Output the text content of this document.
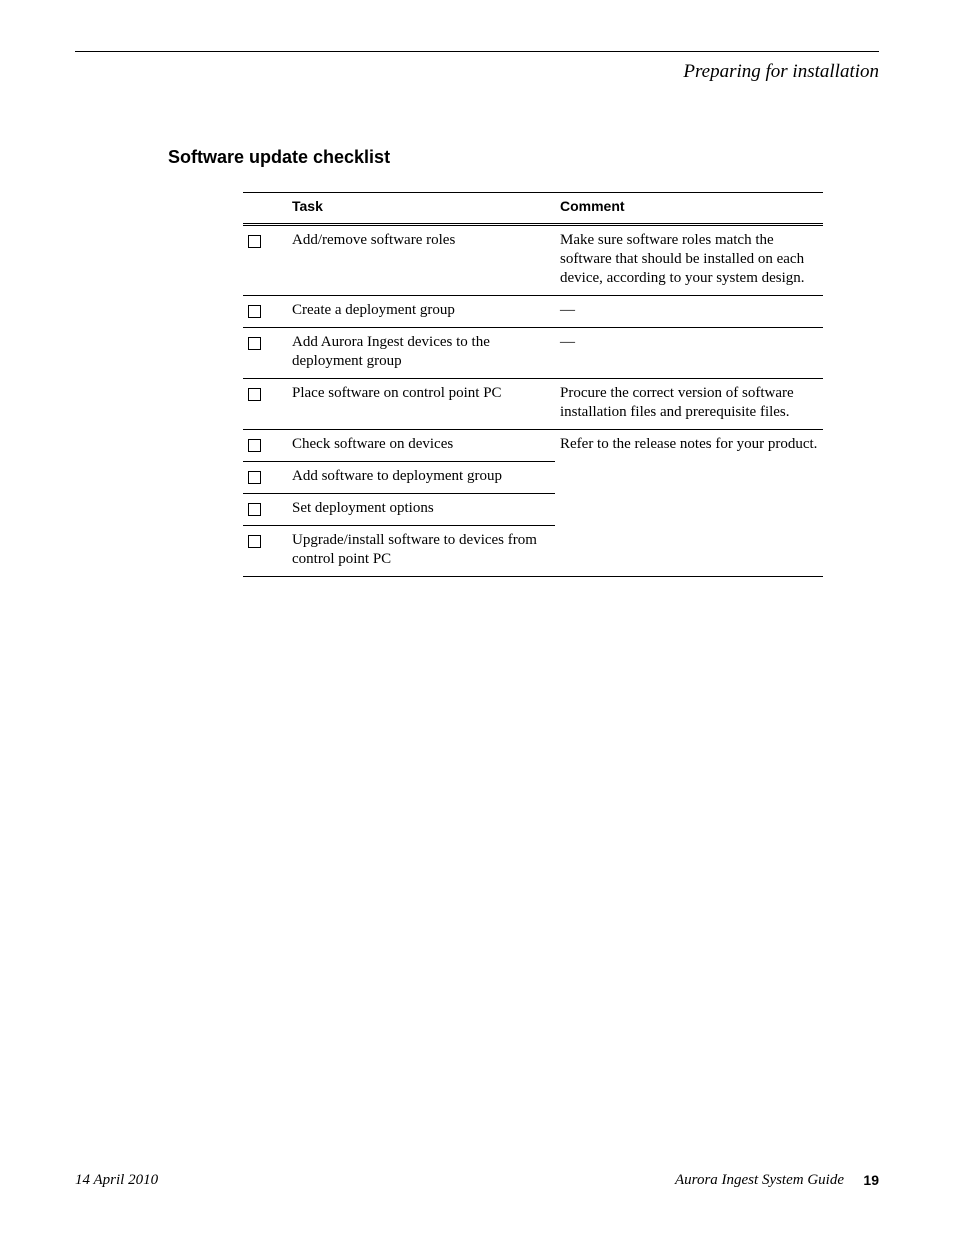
Preparing for installation
Software update checklist
	Task	Comment

	Add/remove software roles	Make sure software roles match the software that should be installed on each device, according to your system design.

	Create a deployment group	—

	Add Aurora Ingest devices to the deployment group	—

	Place software on control point PC	Procure the correct version of software installation files and prerequisite files.

	Check software on devices	Refer to the release notes for your product.

	Add software to deployment group	

	Set deployment options	

	Upgrade/install software to devices from control point PC	
14 April 2010	Aurora Ingest System Guide 19
